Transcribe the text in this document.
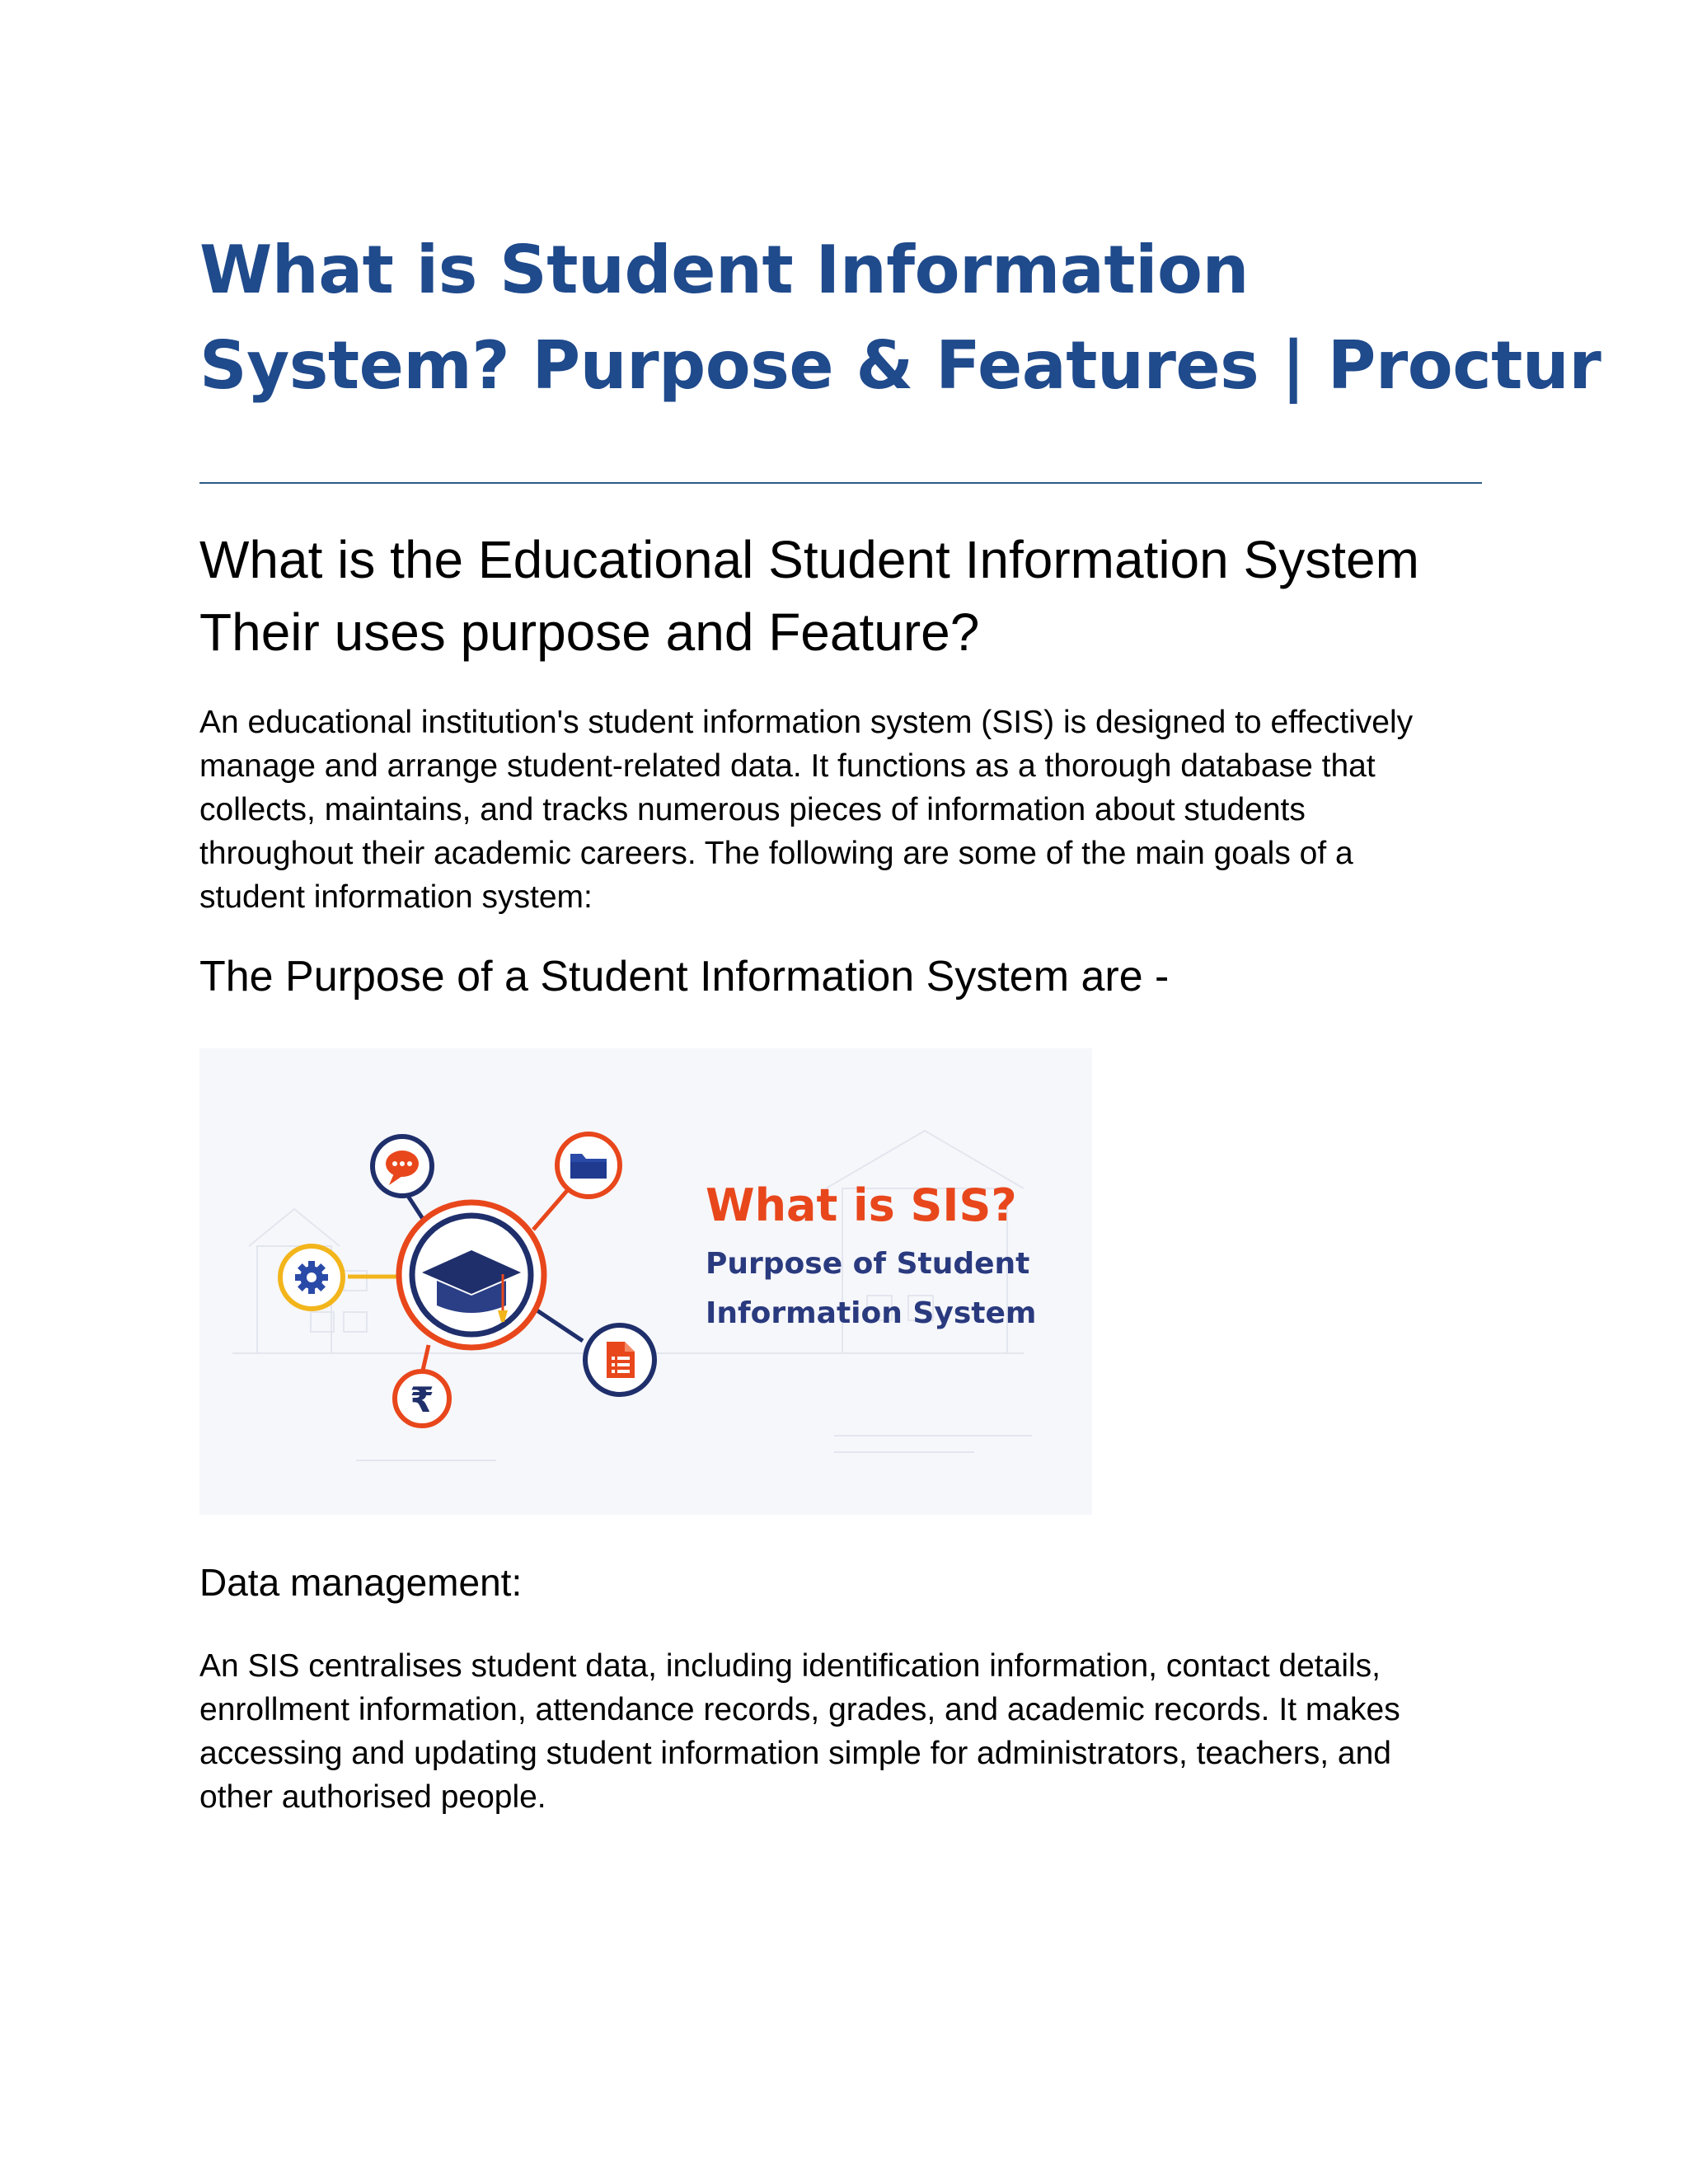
What is Student Information
System? Purpose & Features | Proctur
What is the Educational Student Information System
Their uses purpose and Feature?

An educational institution's student information system (SIS) is designed to effectively
manage and arrange student-related data. It functions as a thorough database that
collects, maintains, and tracks numerous pieces of information about students
throughout their academic careers. The following are some of the main goals of a
student information system:

The Purpose of a Student Information System are -
Data management:

An SIS centralises student data, including identification information, contact details,
enrollment information, attendance records, grades, and academic records. It makes
accessing and updating student information simple for administrators, teachers, and
other authorised people.

₹
What is SIS?
Purpose of Student
Information System
